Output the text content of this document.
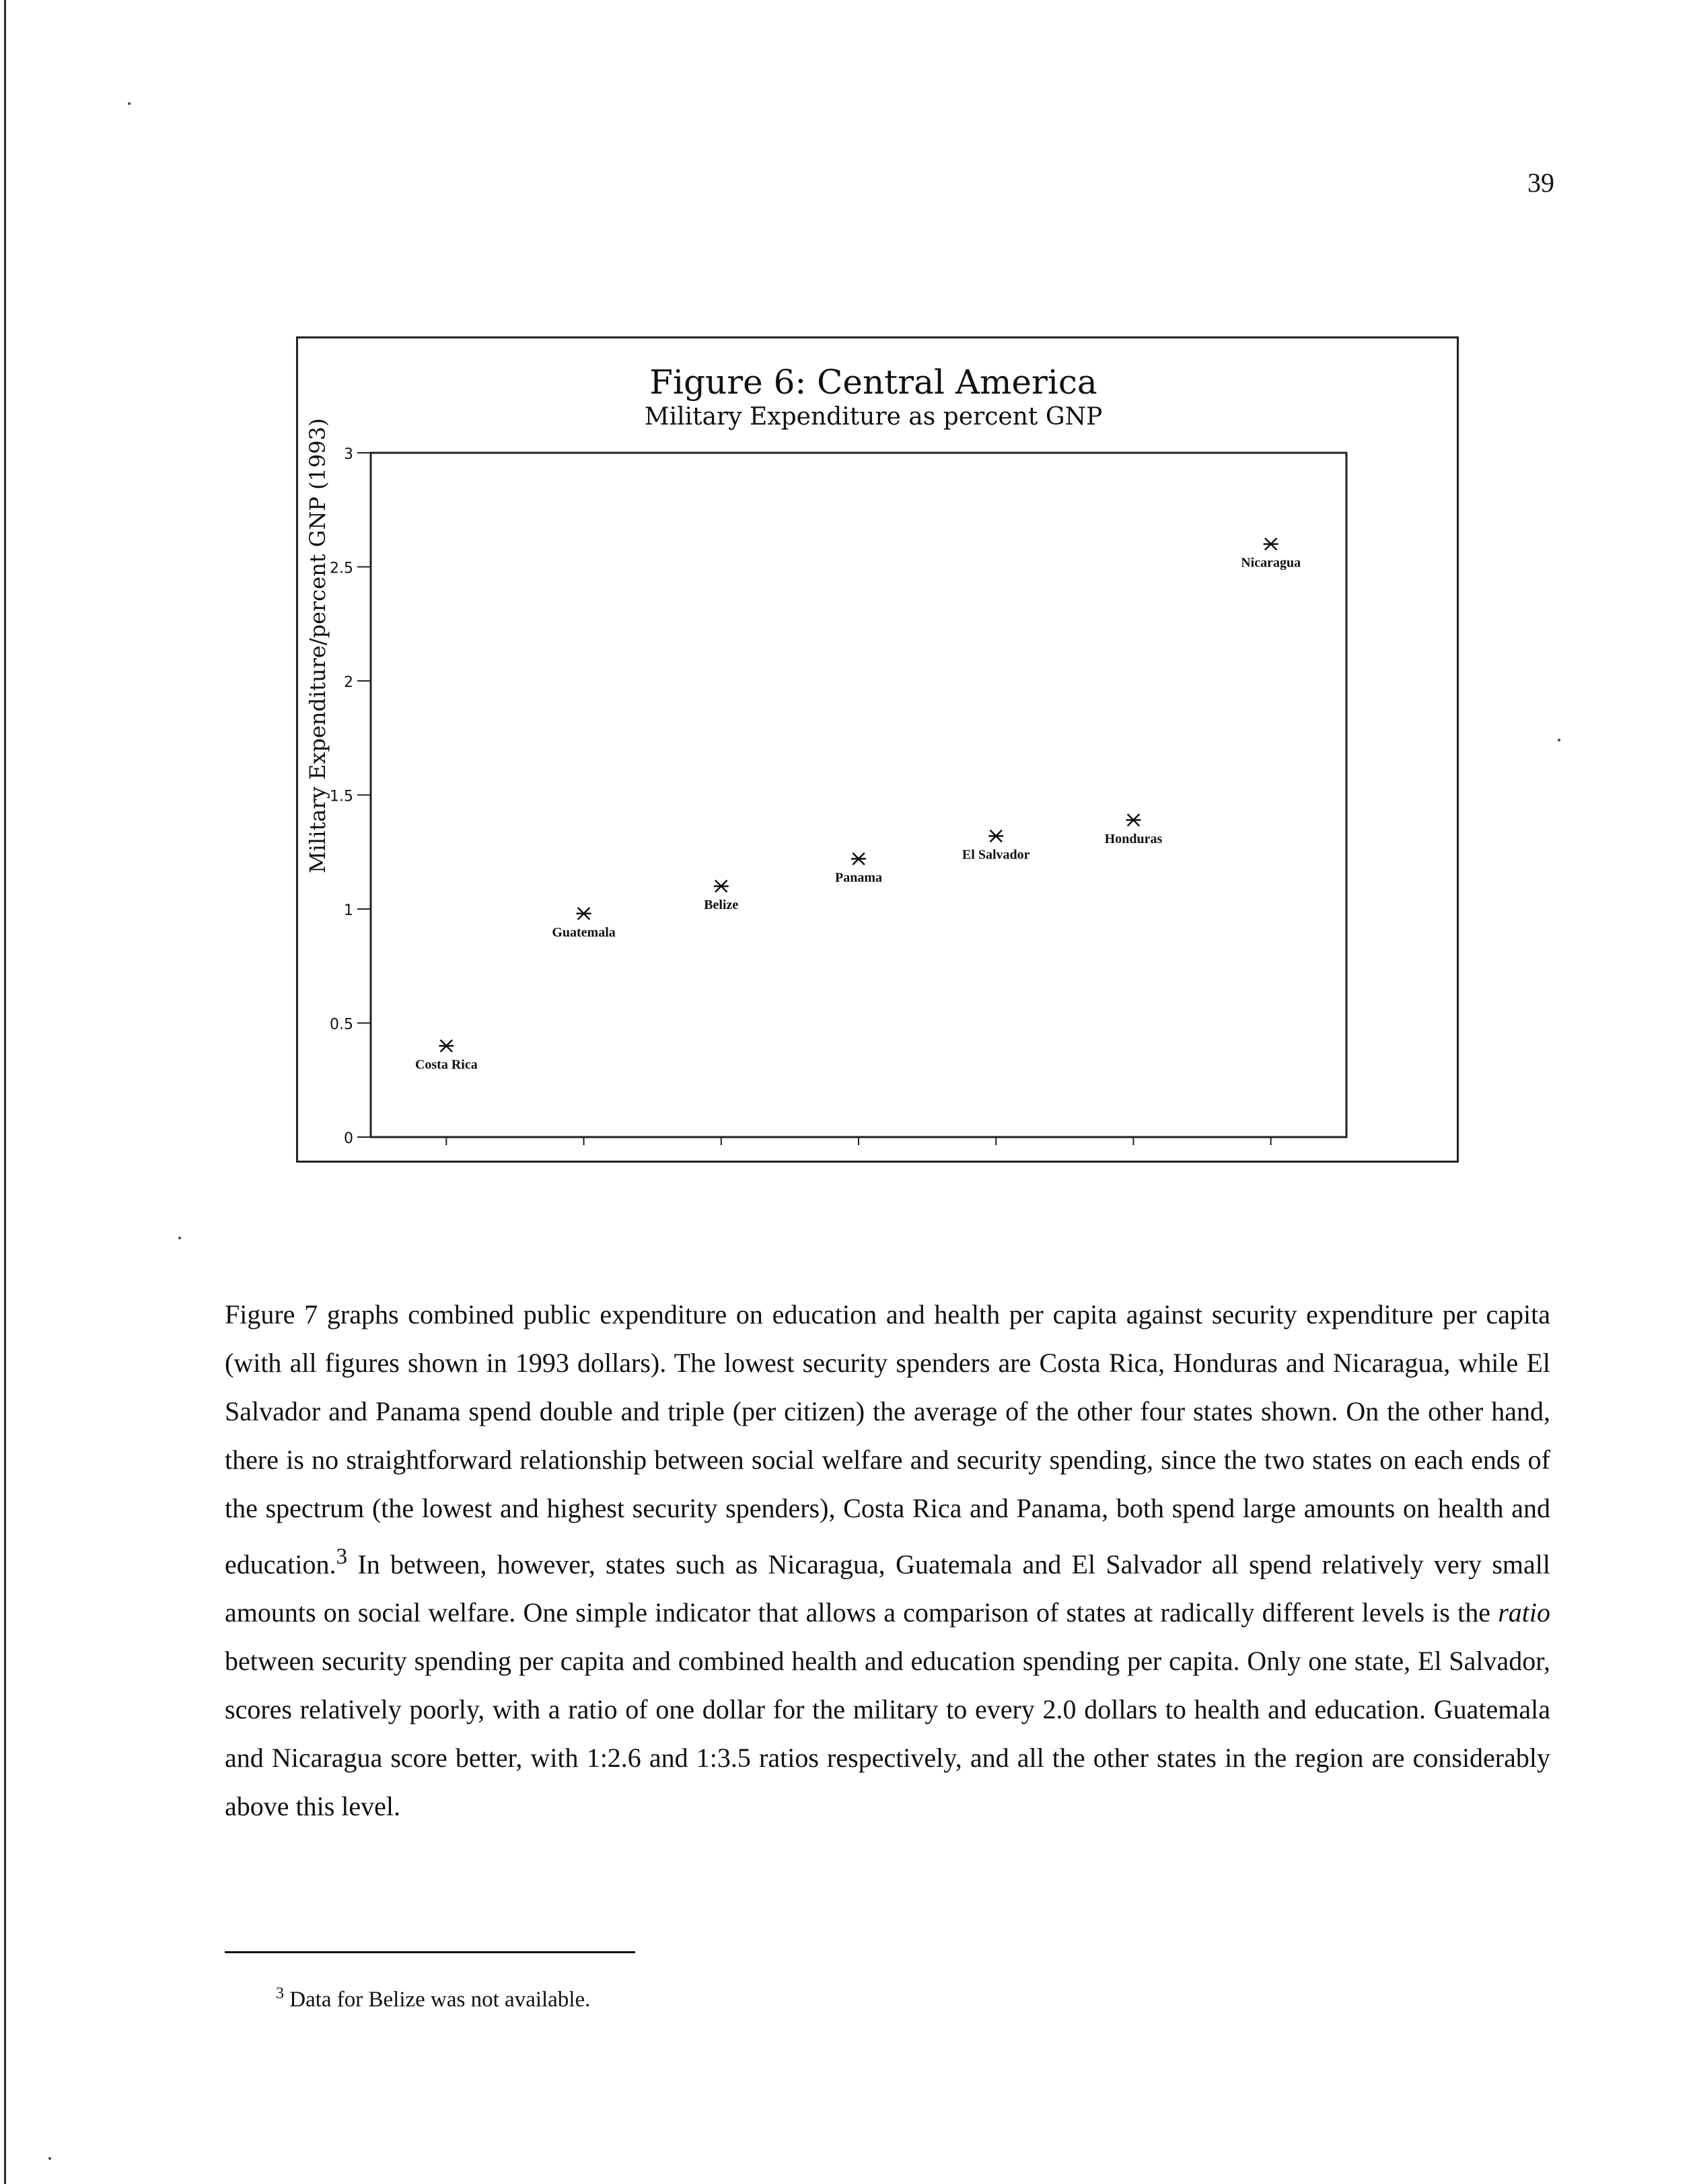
39
Figure 6: Central America
Military Expenditure as percent GNP
Military Expenditure/percent GNP (1993)
0
0.5
1
1.5
2
2.5
3
Costa Rica
Guatemala
Belize
Panama
El Salvador
Honduras
Nicaragua

Figure 7 graphs combined public expenditure on education and health per capita against security expenditure per capita (with all figures shown in 1993 dollars). The lowest security spenders are Costa Rica, Honduras and Nicaragua, while El Salvador and Panama spend double and triple (per citizen) the average of the other four states shown. On the other hand, there is no straightforward relationship between social welfare and security spending, since the two states on each ends of the spectrum (the lowest and highest security spenders), Costa Rica and Panama, both spend large amounts on health and education.$^3$ In between, however, states such as Nicaragua, Guatemala and El Salvador all spend relatively very small amounts on social welfare. One simple indicator that allows a comparison of states at radically different levels is the ratio between security spending per capita and combined health and education spending per capita. Only one state, El Salvador, scores relatively poorly, with a ratio of one dollar for the military to every 2.0 dollars to health and education. Guatemala and Nicaragua score better, with 1:2.6 and 1:3.5 ratios respectively, and all the other states in the region are considerably above this level.

$^3$ Data for Belize was not available.
